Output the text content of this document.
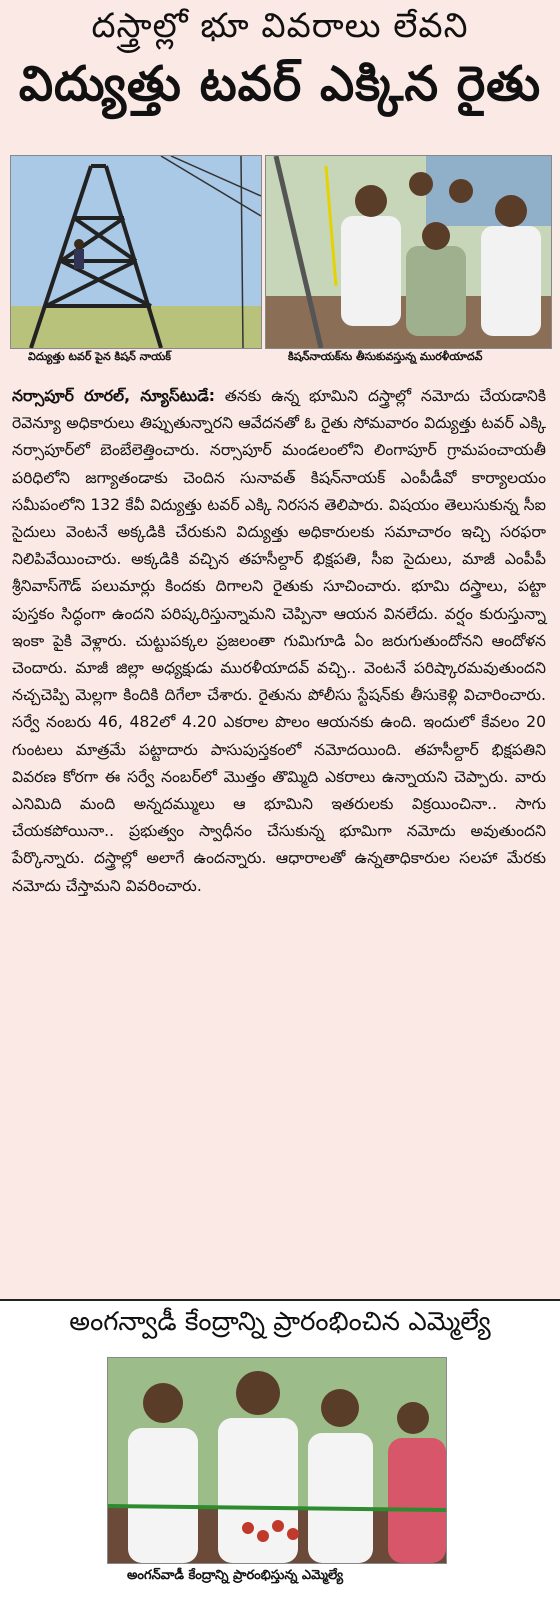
దస్త్రాల్లో భూ వివరాలు లేవని
విద్యుత్తు టవర్ ఎక్కిన రైతు
విద్యుత్తు టవర్ పైన కిషన్ నాయక్	కిషన్‌నాయక్‌ను తీసుకువస్తున్న మురళీయాదవ్
నర్సాపూర్ రూరల్, న్యూస్‌టుడే: తనకు ఉన్న భూమిని దస్త్రాల్లో నమోదు చేయడానికి రెవెన్యూ అధికారులు తిప్పుతున్నారని ఆవేదనతో ఓ రైతు సోమవారం విద్యుత్తు టవర్ ఎక్కి నర్సాపూర్‌లో బెంబేలెత్తించారు. నర్సాపూర్ మండలంలోని లింగాపూర్ గ్రామపంచాయతీ పరిధిలోని జగ్యాతండాకు చెందిన సునావత్ కిషన్‌నాయక్ ఎంపీడీవో కార్యాలయం సమీపంలోని 132 కేవీ విద్యుత్తు టవర్ ఎక్కి నిరసన తెలిపారు. విషయం తెలుసుకున్న సీఐ సైదులు వెంటనే అక్కడికి చేరుకుని విద్యుత్తు అధికారులకు సమాచారం ఇచ్చి సరఫరా నిలిపివేయించారు. అక్కడికి వచ్చిన తహసీల్దార్ భిక్షపతి, సీఐ సైదులు, మాజీ ఎంపీపీ శ్రీనివాస్‌గౌడ్ పలుమార్లు కిందకు దిగాలని రైతుకు సూచించారు. భూమి దస్త్రాలు, పట్టా పుస్తకం సిద్ధంగా ఉందని పరిష్కరిస్తున్నామని చెప్పినా ఆయన వినలేదు. వర్షం కురుస్తున్నా ఇంకా పైకి వెళ్లారు. చుట్టుపక్కల ప్రజలంతా గుమిగూడి ఏం జరుగుతుందోనని ఆందోళన చెందారు. మాజీ జిల్లా అధ్యక్షుడు మురళీయాదవ్ వచ్చి.. వెంటనే పరిష్కారమవుతుందని నచ్చచెప్పి మెల్లగా కిందికి దిగేలా చేశారు. రైతును పోలీసు స్టేషన్‌కు తీసుకెళ్లి విచారించారు. సర్వే నంబరు 46, 482లో 4.20 ఎకరాల పొలం ఆయనకు ఉంది. ఇందులో కేవలం 20 గుంటలు మాత్రమే పట్టాదారు పాసుపుస్తకంలో నమోదయింది. తహసీల్దార్ భిక్షపతిని వివరణ కోరగా ఈ సర్వే నంబర్‌లో మొత్తం తొమ్మిది ఎకరాలు ఉన్నాయని చెప్పారు. వారు ఎనిమిది మంది అన్నదమ్ములు ఆ భూమిని ఇతరులకు విక్రయించినా.. సాగు చేయకపోయినా.. ప్రభుత్వం స్వాధీనం చేసుకున్న భూమిగా నమోదు అవుతుందని పేర్కొన్నారు. దస్త్రాల్లో అలాగే ఉందన్నారు. ఆధారాలతో ఉన్నతాధికారుల సలహా మేరకు నమోదు చేస్తామని వివరించారు.
అంగన్వాడీ కేంద్రాన్ని ప్రారంభించిన ఎమ్మెల్యే
అంగన్‌వాడీ కేంద్రాన్ని ప్రారంభిస్తున్న ఎమ్మెల్యే
